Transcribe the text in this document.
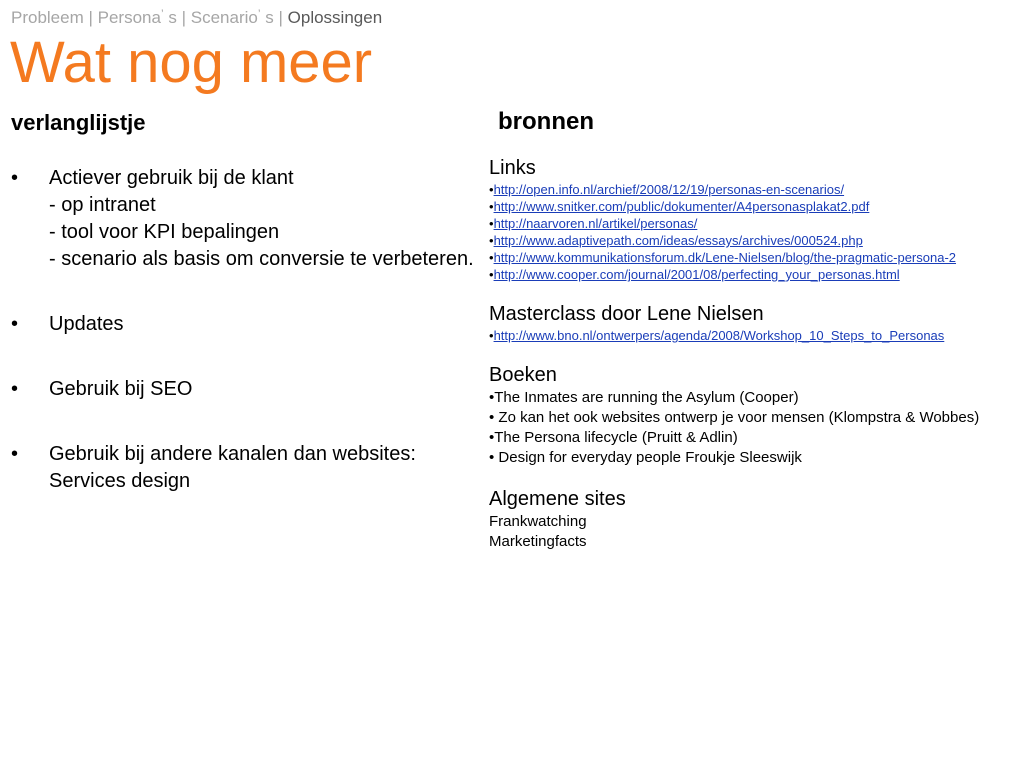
Probleem | Persona’ s | Scenario’ s | Oplossingen
Wat nog meer
verlanglijstje	bronnen
• Actiever gebruik bij de klant
- op intranet
- tool voor KPI bepalingen
- scenario als basis om conversie te verbeteren.
• Updates
• Gebruik bij SEO
• Gebruik bij andere kanalen dan websites: Services design
Links
•http://open.info.nl/archief/2008/12/19/personas-en-scenarios/
•http://www.snitker.com/public/dokumenter/A4personasplakat2.pdf
•http://naarvoren.nl/artikel/personas/
•http://www.adaptivepath.com/ideas/essays/archives/000524.php
•http://www.kommunikationsforum.dk/Lene-Nielsen/blog/the-pragmatic-persona-2
•http://www.cooper.com/journal/2001/08/perfecting_your_personas.html
Masterclass door Lene Nielsen
•http://www.bno.nl/ontwerpers/agenda/2008/Workshop_10_Steps_to_Personas
Boeken
•The Inmates are running the Asylum (Cooper)
• Zo kan het ook websites ontwerp je voor mensen (Klompstra & Wobbes)
•The Persona lifecycle (Pruitt & Adlin)
• Design for everyday people Froukje Sleeswijk
Algemene sites
Frankwatching
Marketingfacts
